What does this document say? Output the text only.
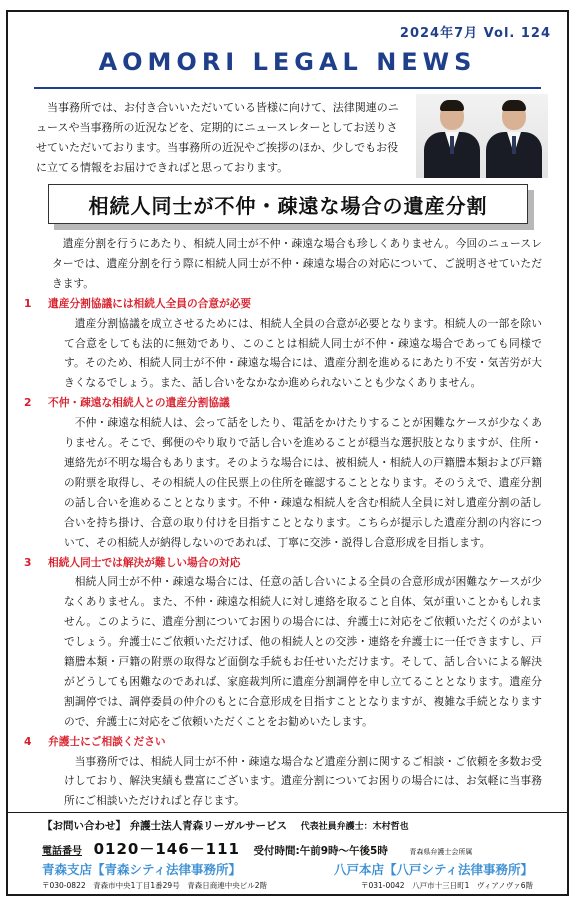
2024年7月 Vol. 124
AOMORI LEGAL NEWS

当事務所では、お付き合いいただいている皆様に向けて、法律関連のニュースや当事務所の近況などを、定期的にニュースレターとしてお送りさせていただいております。当事務所の近況やご挨拶のほか、少しでもお役に立てる情報をお届けできればと思っております。

相続人同士が不仲・疎遠な場合の遺産分割

遺産分割を行うにあたり、相続人同士が不仲・疎遠な場合も珍しくありません。今回のニュースレターでは、遺産分割を行う際に相続人同士が不仲・疎遠な場合の対応について、ご説明させていただきます。

1 遺産分割協議には相続人全員の合意が必要

遺産分割協議を成立させるためには、相続人全員の合意が必要となります。相続人の一部を除いて合意をしても法的に無効であり、このことは相続人同士が不仲・疎遠な場合であっても同様です。そのため、相続人同士が不仲・疎遠な場合には、遺産分割を進めるにあたり不安・気苦労が大きくなるでしょう。また、話し合いをなかなか進められないことも少なくありません。

2 不仲・疎遠な相続人との遺産分割協議

不仲・疎遠な相続人は、会って話をしたり、電話をかけたりすることが困難なケースが少なくありません。そこで、郵便のやり取りで話し合いを進めることが穏当な選択肢となりますが、住所・連絡先が不明な場合もあります。そのような場合には、被相続人・相続人の戸籍謄本類および戸籍の附票を取得し、その相続人の住民票上の住所を確認することとなります。そのうえで、遺産分割の話し合いを進めることとなります。不仲・疎遠な相続人を含む相続人全員に対し遺産分割の話し合いを持ち掛け、合意の取り付けを目指すこととなります。こちらが提示した遺産分割の内容について、その相続人が納得しないのであれば、丁寧に交渉・説得し合意形成を目指します。

3 相続人同士では解決が難しい場合の対応

相続人同士が不仲・疎遠な場合には、任意の話し合いによる全員の合意形成が困難なケースが少なくありません。また、不仲・疎遠な相続人に対し連絡を取ること自体、気が重いことかもしれません。このように、遺産分割についてお困りの場合には、弁護士に対応をご依頼いただくのがよいでしょう。弁護士にご依頼いただけば、他の相続人との交渉・連絡を弁護士に一任できますし、戸籍謄本類・戸籍の附票の取得など面倒な手続もお任せいただけます。そして、話し合いによる解決がどうしても困難なのであれば、家庭裁判所に遺産分割調停を申し立てることとなります。遺産分割調停では、調停委員の仲介のもとに合意形成を目指すこととなりますが、複雑な手続となりますので、弁護士に対応をご依頼いただくことをお勧めいたします。

4 弁護士にご相談ください

当事務所では、相続人同士が不仲・疎遠な場合など遺産分割に関するご相談・ご依頼を多数お受けしており、解決実績も豊富にございます。遺産分割についてお困りの場合には、お気軽に当事務所にご相談いただければと存じます。

【お問い合わせ】 弁護士法人青森リーガルサービス 代表社員弁護士：木村哲也
電話番号 0120－146－111 受付時間:午前9時～午後5時	青森県弁護士会所属
青森支店【青森シティ法律事務所】	八戸本店【八戸シティ法律事務所】
〒030-0822　青森市中央1丁目1番29号　青森日商連中央ビル2階	〒031-0042　八戸市十三日町1　ヴィアノヴァ6階
